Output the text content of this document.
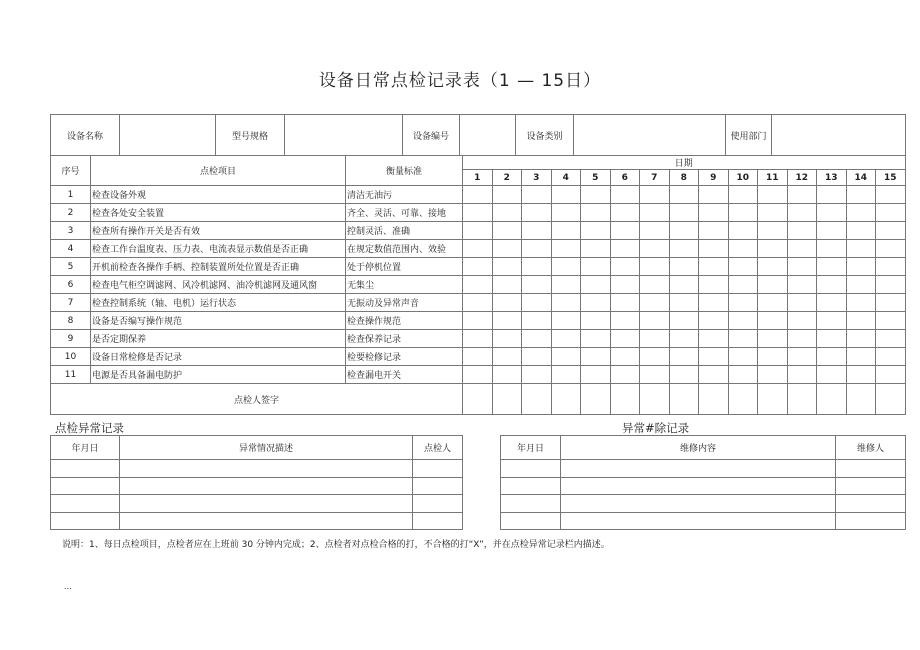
设备日常点检记录表（1 — 15日）
设备名称		型号规格		设备编号		设备类别		使用部门	
序号	点检项目	衡量标准	日期														
			1	2	3	4	5	6	7	8	9	10	11	12	13	14	15
1	检查设备外观	清洁无油污															
2	检查各处安全装置	齐全、灵活、可靠、接地															
3	检查所有操作开关是否有效	控制灵活、准确															
4	检查工作台温度表、压力表、电流表显示数值是否正确	在规定数值范围内、效验															
5	开机前检查各操作手柄、控制装置所处位置是否正确	处于停机位置															
6	检查电气柜空调滤网、风冷机滤网、油冷机滤网及通风窗	无集尘															
7	检查控制系统（轴、电机）运行状态	无振动及异常声音															
8	设备是否编写操作规范	检查操作规范															
9	是否定期保养	检查保养记录															
10	设备日常检修是否记录	检要检修记录															
11	电源是否具备漏电防护	检查漏电开关															
点检人签字																	
点检异常记录	异常#除记录
年月日	异常情况描述	点检人

			年月日	维修内容	维修人

说明：1、每日点检项目，点检者应在上班前 30 分钟内完成；2、点检者对点检合格的打，不合格的打“X”，并在点检异常记录栏内描述。
...
